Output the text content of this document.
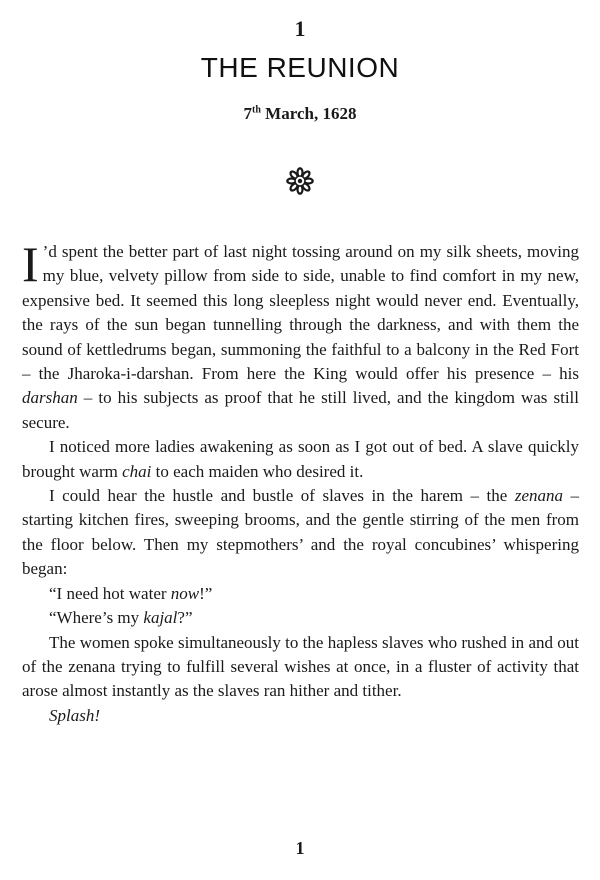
1
THE REUNION
7th March, 1628

I ’d spent the better part of last night tossing around on my silk sheets, moving my blue, velvety pillow from side to side, unable to find comfort in my new, expensive bed. It seemed this long sleepless night would never end. Eventually, the rays of the sun began tunnelling through the darkness, and with them the sound of kettledrums began, summoning the faithful to a balcony in the Red Fort – the Jharoka-i-darshan. From here the King would offer his presence – his darshan – to his subjects as proof that he still lived, and the kingdom was still secure.

I noticed more ladies awakening as soon as I got out of bed. A slave quickly brought warm chai to each maiden who desired it.

I could hear the hustle and bustle of slaves in the harem – the zenana – starting kitchen fires, sweeping brooms, and the gentle stirring of the men from the floor below. Then my stepmothers’ and the royal concubines’ whispering began:

“I need hot water now!”

“Where’s my kajal?”

The women spoke simultaneously to the hapless slaves who rushed in and out of the zenana trying to fulfill several wishes at once, in a fluster of activity that arose almost instantly as the slaves ran hither and tither.

Splash!

1
